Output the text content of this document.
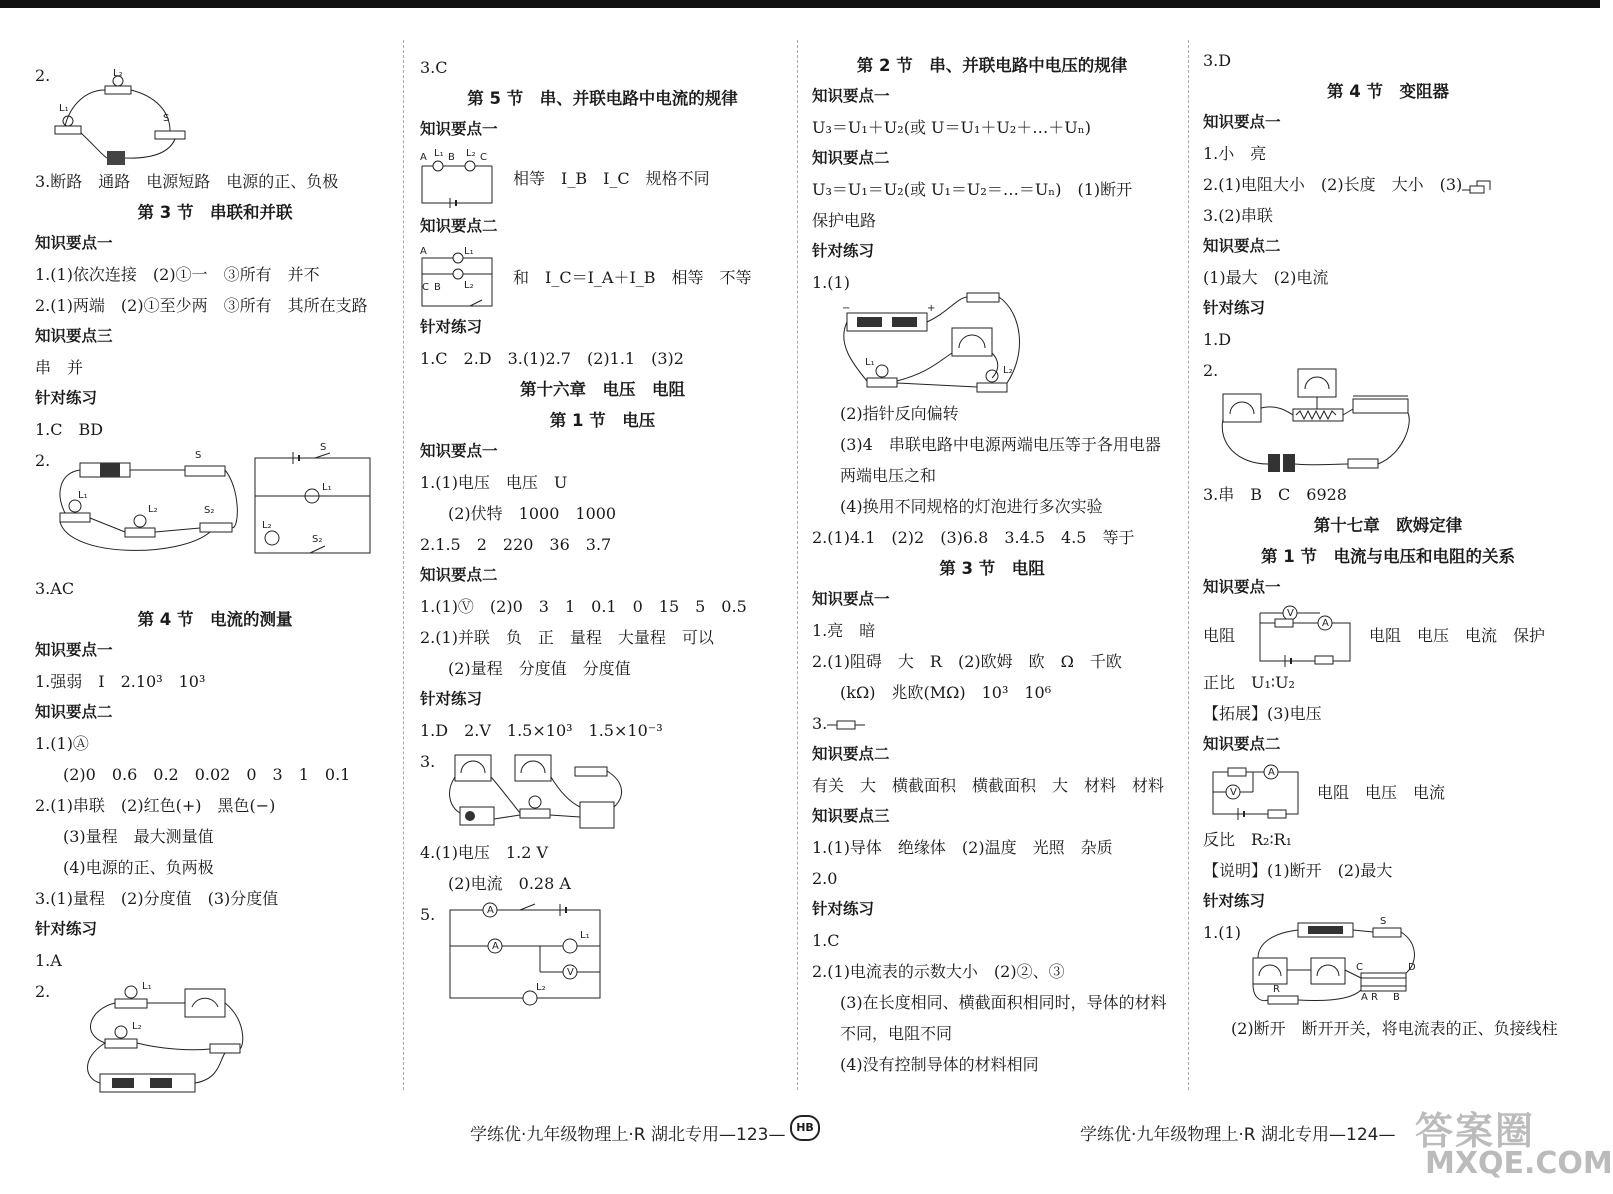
2.	L₂
L₁
S
3.断路　通路　电源短路　电源的正、负极
第 3 节　串联和并联
知识要点一
1.(1)依次连接　(2)①一　③所有　并不
2.(1)两端　(2)①至少两　③所有　其所在支路
知识要点三
串　并
针对练习
1.C　BD
2.	S
L₁
L₂	S₂
S
L₁
L₂
S₂
3.AC
第 4 节　电流的测量
知识要点一
1.强弱　I　2.10³　10³
知识要点二
1.(1)Ⓐ
(2)0　0.6　0.2　0.02　0　3　1　0.1
2.(1)串联　(2)红色(+)　黑色(−)
(3)量程　最大测量值
(4)电源的正、负两极
3.(1)量程　(2)分度值　(3)分度值
针对练习
1.A
2.	L₁
L₂
3.C
第 5 节　串、并联电路中电流的规律
知识要点一
A B	C
L₁ L₂
相等　I_B　I_C　规格不同
知识要点二
A	L₁
L₂
C B
和　I_C＝I_A＋I_B　相等　不等
针对练习
1.C　2.D　3.(1)2.7　(2)1.1　(3)2
第十六章　电压　电阻
第 1 节　电压
知识要点一
1.(1)电压　电压　U
(2)伏特　1000　1000
2.1.5　2　220　36　3.7
知识要点二
1.(1)Ⓥ　(2)0　3　1　0.1　0　15　5　0.5
2.(1)并联　负　正　量程　大量程　可以
(2)量程　分度值　分度值
针对练习
1.D　2.V　1.5×10³　1.5×10⁻³
3.
4.(1)电压　1.2 V
(2)电流　0.28 A
5.	A
A
L₁
V
L₂
第 2 节　串、并联电路中电压的规律
知识要点一
U₃＝U₁＋U₂(或 U＝U₁＋U₂＋…＋Uₙ)
知识要点二
U₃＝U₁＝U₂(或 U₁＝U₂＝…＝Uₙ)　(1)断开
保护电路
针对练习
1.(1)
−	+
L₁
L₂
(2)指针反向偏转
(3)4　串联电路中电源两端电压等于各用电器
两端电压之和
(4)换用不同规格的灯泡进行多次实验
2.(1)4.1　(2)2　(3)6.8　3.4.5　4.5　等于
第 3 节　电阻
知识要点一
1.亮　暗
2.(1)阻碍　大　R　(2)欧姆　欧　Ω　千欧
(kΩ)　兆欧(MΩ)　10³　10⁶
3.
知识要点二
有关　大　横截面积　横截面积　大　材料　材料
知识要点三
1.(1)导体　绝缘体　(2)温度　光照　杂质
2.0
针对练习
1.C
2.(1)电流表的示数大小　(2)②、③
(3)在长度相同、横截面积相同时，导体的材料
不同，电阻不同
(4)没有控制导体的材料相同
3.D
第 4 节　变阻器
知识要点一
1.小　亮
2.(1)电阻大小　(2)长度　大小　(3)
3.(2)串联
知识要点二
(1)最大　(2)电流
针对练习
1.D
2.
3.串　B　C　6928
第十七章　欧姆定律
第 1 节　电流与电压和电阻的关系
知识要点一
电阻
V
A
电阻　电压　电流　保护
正比　U₁∶U₂
【拓展】(3)电压
知识要点二
A
V	电阻　电压　电流
反比　R₂∶R₁
【说明】(1)断开　(2)最大
针对练习
1.(1)
S
C	D
A R B
R
(2)断开　断开开关，将电流表的正、负接线柱
学练优·九年级物理上·R 湖北专用—123— HB	学练优·九年级物理上·R 湖北专用—124— 答案圈
MXQE.COM
